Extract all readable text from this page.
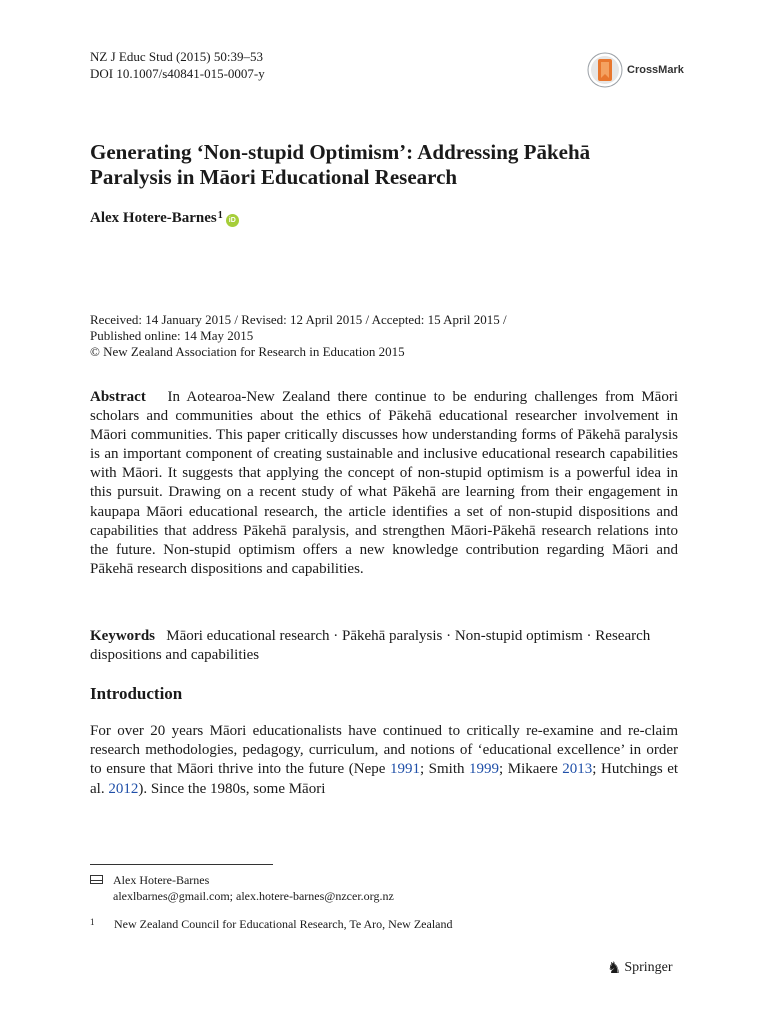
NZ J Educ Stud (2015) 50:39–53
DOI 10.1007/s40841-015-0007-y	CrossMark
Generating ‘Non-stupid Optimism’: Addressing Pākehā
Paralysis in Māori Educational Research
Alex Hotere-Barnes$^1$ iD
Received: 14 January 2015 / Revised: 12 April 2015 / Accepted: 15 April 2015 /
Published online: 14 May 2015
© New Zealand Association for Research in Education 2015
Abstract In Aotearoa-New Zealand there continue to be enduring challenges from Māori scholars and communities about the ethics of Pākehā educational researcher involvement in Māori communities. This paper critically discusses how understanding forms of Pākehā paralysis is an important component of creating sustainable and inclusive educational research capabilities with Māori. It suggests that applying the concept of non-stupid optimism is a powerful idea in this pursuit. Drawing on a recent study of what Pākehā are learning from their engagement in kaupapa Māori educational research, the article identifies a set of non-stupid dispositions and capabilities that address Pākehā paralysis, and strengthen Māori-Pākehā research relations into the future. Non-stupid optimism offers a new knowledge contribution regarding Māori and Pākehā research dispositions and capabilities.
Keywords Māori educational research · Pākehā paralysis · Non-stupid optimism · Research dispositions and capabilities
Introduction
For over 20 years Māori educationalists have continued to critically re-examine and re-claim research methodologies, pedagogy, curriculum, and notions of ‘educational excellence’ in order to ensure that Māori thrive into the future (Nepe 1991; Smith 1999; Mikaere 2013; Hutchings et al. 2012). Since the 1980s, some Māori
Alex Hotere-Barnes
alexlbarnes@gmail.com; alex.hotere-barnes@nzcer.org.nz
1	New Zealand Council for Educational Research, Te Aro, New Zealand
♞ Springer
